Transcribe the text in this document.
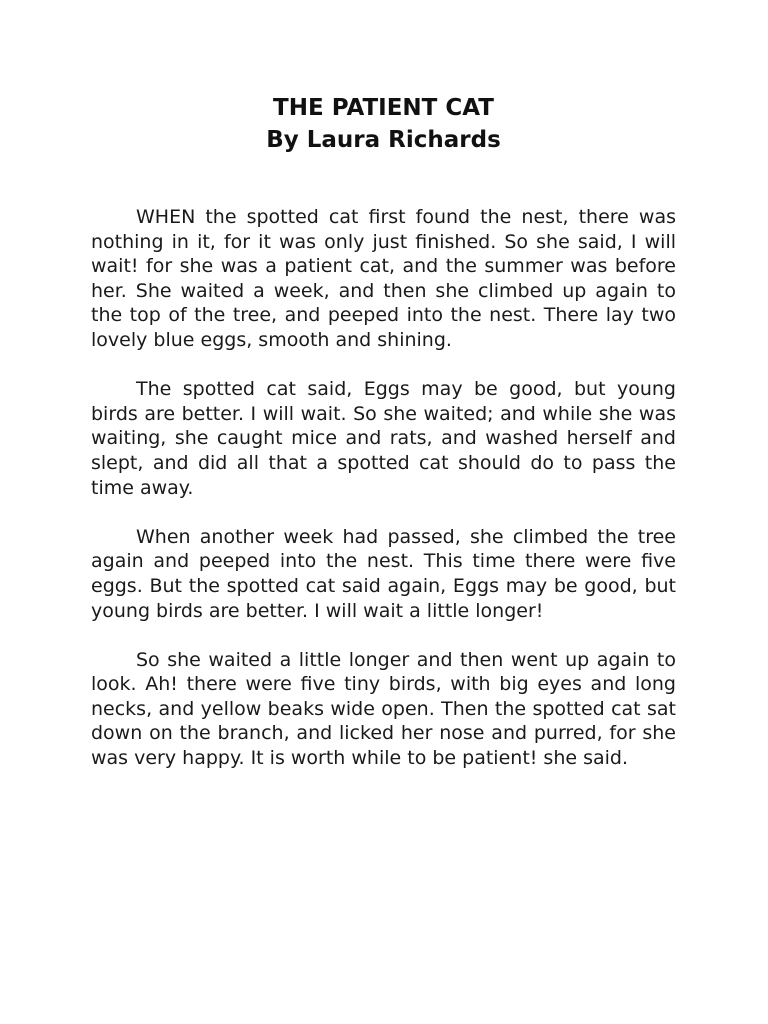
THE PATIENT CAT
By Laura Richards
WHEN the spotted cat first found the nest, there was
nothing in it, for it was only just finished. So she said, I will wait! for she was a patient cat, and the summer was before her. She waited a week, and then she climbed up again to the top of the tree, and peeped into the nest. There lay two lovely blue eggs, smooth and shining.
The spotted cat said, Eggs may be good, but young birds are better. I will wait. So she waited; and while she was waiting, she caught mice and rats, and washed herself and slept, and did all that a spotted cat should do to pass the time away.
When another week had passed, she climbed the tree again and peeped into the nest. This time there were five eggs. But the spotted cat said again, Eggs may be good, but young birds are better. I will wait a little longer!
So she waited a little longer and then went up again to look. Ah! there were five tiny birds, with big eyes and long necks, and yellow beaks wide open. Then the spotted cat sat down on the branch, and licked her nose and purred, for she was very happy. It is worth while to be patient! she said.
